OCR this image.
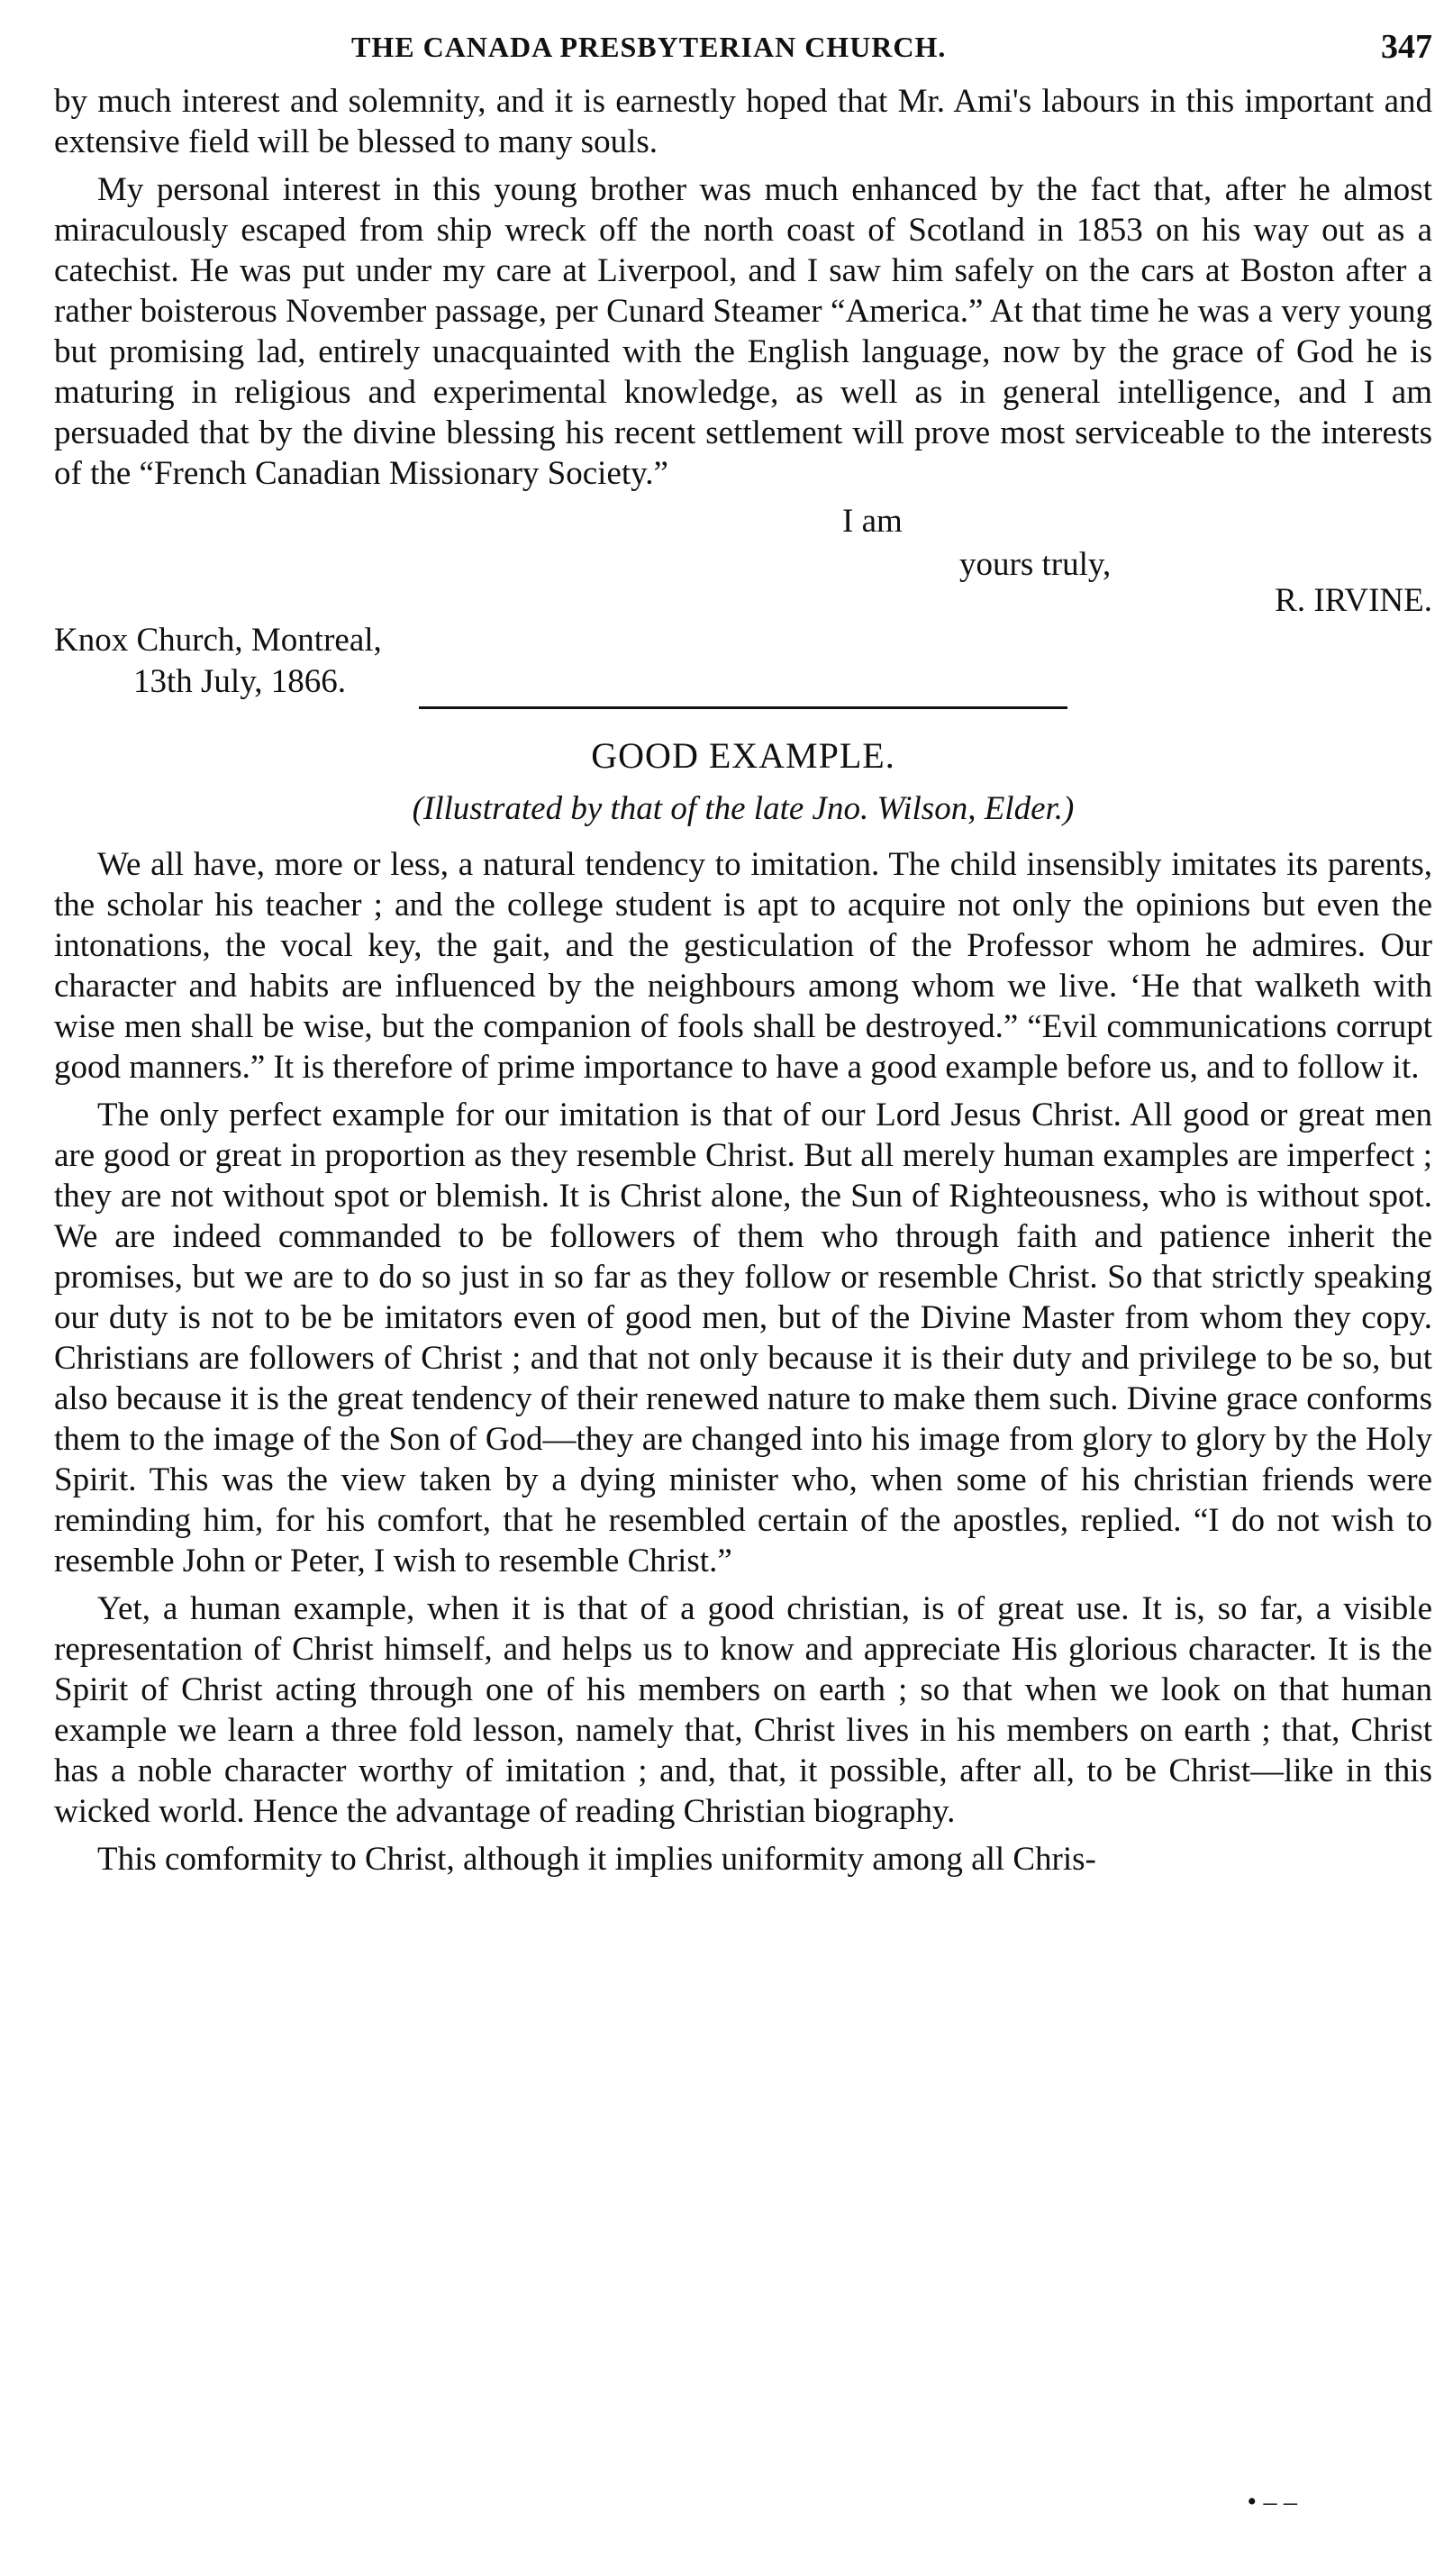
THE CANADA PRESBYTERIAN CHURCH.	347

by much interest and solemnity, and it is earnestly hoped that Mr. Ami's labours in this important and extensive field will be blessed to many souls.

My personal interest in this young brother was much enhanced by the fact that, after he almost miraculously escaped from ship wreck off the north coast of Scotland in 1853 on his way out as a catechist. He was put under my care at Liverpool, and I saw him safely on the cars at Boston after a rather boisterous November passage, per Cunard Steamer “America.” At that time he was a very young but promising lad, entirely unacquainted with the English language, now by the grace of God he is maturing in religious and experimental knowledge, as well as in general intelligence, and I am persuaded that by the divine blessing his recent settlement will prove most serviceable to the interests of the “French Canadian Missionary Society.”

I am
yours truly,
R. IRVINE.
Knox Church, Montreal,
13th July, 1866.
GOOD EXAMPLE.
(Illustrated by that of the late Jno. Wilson, Elder.)

We all have, more or less, a natural tendency to imitation. The child insensibly imitates its parents, the scholar his teacher ; and the college student is apt to acquire not only the opinions but even the intonations, the vocal key, the gait, and the gesticulation of the Professor whom he admires. Our character and habits are influenced by the neighbours among whom we live. ‘He that walketh with wise men shall be wise, but the companion of fools shall be destroyed.” “Evil communications corrupt good manners.” It is therefore of prime importance to have a good example before us, and to follow it.

The only perfect example for our imitation is that of our Lord Jesus Christ. All good or great men are good or great in proportion as they resemble Christ. But all merely human examples are imperfect ; they are not without spot or blemish. It is Christ alone, the Sun of Righteousness, who is without spot. We are indeed commanded to be followers of them who through faith and patience inherit the promises, but we are to do so just in so far as they follow or resemble Christ. So that strictly speaking our duty is not to be be imitators even of good men, but of the Divine Master from whom they copy. Christians are followers of Christ ; and that not only because it is their duty and privilege to be so, but also because it is the great tendency of their renewed nature to make them such. Divine grace conforms them to the image of the Son of God—they are changed into his image from glory to glory by the Holy Spirit. This was the view taken by a dying minister who, when some of his christian friends were reminding him, for his comfort, that he resembled certain of the apostles, replied. “I do not wish to resemble John or Peter, I wish to resemble Christ.”

Yet, a human example, when it is that of a good christian, is of great use. It is, so far, a visible representation of Christ himself, and helps us to know and appreciate His glorious character. It is the Spirit of Christ acting through one of his members on earth ; so that when we look on that human example we learn a three fold lesson, namely that, Christ lives in his members on earth ; that, Christ has a noble character worthy of imitation ; and, that, it possible, after all, to be Christ—like in this wicked world. Hence the advantage of reading Christian biography.

This comformity to Christ, although it implies uniformity among all Chris-

• – –
